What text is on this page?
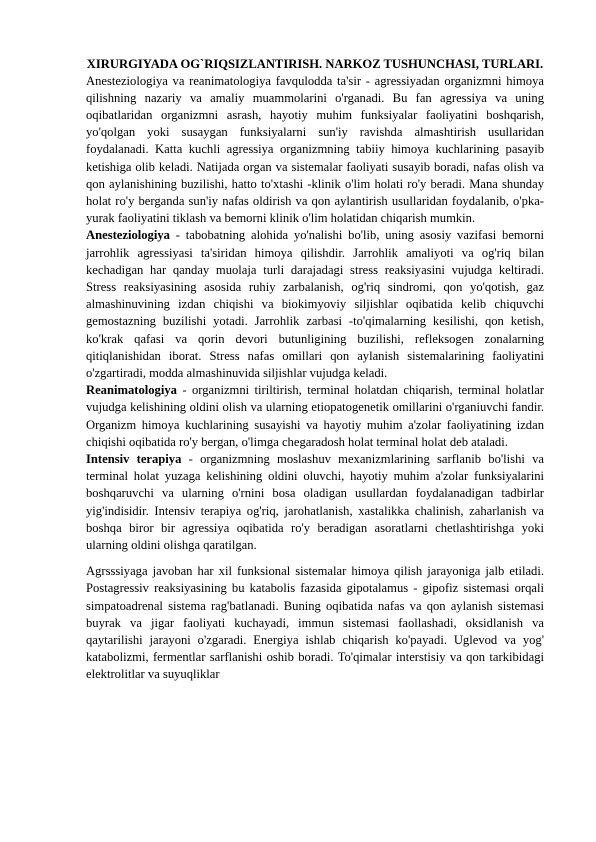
XIRURGIYADA OG`RIQSIZLANTIRISH. NARKOZ TUSHUNCHASI, TURLARI.

Anesteziologiya va reanimatologiya favqulodda ta'sir - agressiyadan organizmni himoya qilishning nazariy va amaliy muammolarini o'rganadi. Bu fan agressiya va uning oqibatlaridan organizmni asrash, hayotiy muhim funksiyalar faoliyatini boshqarish, yo'qolgan yoki susaygan funksiyalarni sun'iy ravishda almashtirish usullaridan foydalanadi. Katta kuchli agressiya organizmning tabiiy himoya kuchlarining pasayib ketishiga olib keladi. Natijada organ va sistemalar faoliyati susayib boradi, nafas olish va qon aylanishining buzilishi, hatto to'xtashi -klinik o'lim holati ro'y beradi. Mana shunday holat ro'y berganda sun'iy nafas oldirish va qon aylantirish usullaridan foydalanib, o'pka-yurak faoliyatini tiklash va bemorni klinik o'lim holatidan chiqarish mumkin.

Anesteziologiya - tabobatning alohida yo'nalishi bo'lib, uning asosiy vazifasi bemorni jarrohlik agressiyasi ta'siridan himoya qilishdir. Jarrohlik amaliyoti va og'riq bilan kechadigan har qanday muolaja turli darajadagi stress reaksiyasini vujudga keltiradi. Stress reaksiyasining asosida ruhiy zarbalanish, og'riq sindromi, qon yo'qotish, gaz almashinuvining izdan chiqishi va biokimyoviy siljishlar oqibatida kelib chiquvchi gemostazning buzilishi yotadi. Jarrohlik zarbasi -to'qimalarning kesilishi, qon ketish, ko'krak qafasi va qorin devori butunligining buzilishi, refleksogen zonalarning qitiqlanishidan iborat. Stress nafas omillari qon aylanish sistemalarining faoliyatini o'zgartiradi, modda almashinuvida siljishlar vujudga keladi.

Reanimatologiya - organizmni tiriltirish, terminal holatdan chiqarish, terminal holatlar vujudga kelishining oldini olish va ularning etiopatogenetik omillarini o'rganiuvchi fandir. Organizm himoya kuchlarining susayishi va hayotiy muhim a'zolar faoliyatining izdan chiqishi oqibatida ro'y bergan, o'limga chegaradosh holat terminal holat deb ataladi.

Intensiv terapiya - organizmning moslashuv mexanizmlarining sarflanib bo'lishi va terminal holat yuzaga kelishining oldini oluvchi, hayotiy muhim a'zolar funksiyalarini boshqaruvchi va ularning o'rnini bosa oladigan usullardan foydalanadigan tadbirlar yig'indisidir. Intensiv terapiya og'riq, jarohatlanish, xastalikka chalinish, zaharlanish va boshqa biror bir agressiya oqibatida ro'y beradigan asoratlarni chetlashtirishga yoki ularning oldini olishga qaratilgan.

Agrsssiyaga javoban har xil funksional sistemalar himoya qilish jarayoniga jalb etiladi. Postagressiv reaksiyasining bu katabolis fazasida gipotalamus - gipofiz sistemasi orqali simpatoadrenal sistema rag'batlanadi. Buning oqibatida nafas va qon aylanish sistemasi buyrak va jigar faoliyati kuchayadi, immun sistemasi faollashadi, oksidlanish va qaytarilishi jarayoni o'zgaradi. Energiya ishlab chiqarish ko'payadi. Uglevod va yog' katabolizmi, fermentlar sarflanishi oshib boradi. To'qimalar interstisiy va qon tarkibidagi elektrolitlar va suyuqliklar
